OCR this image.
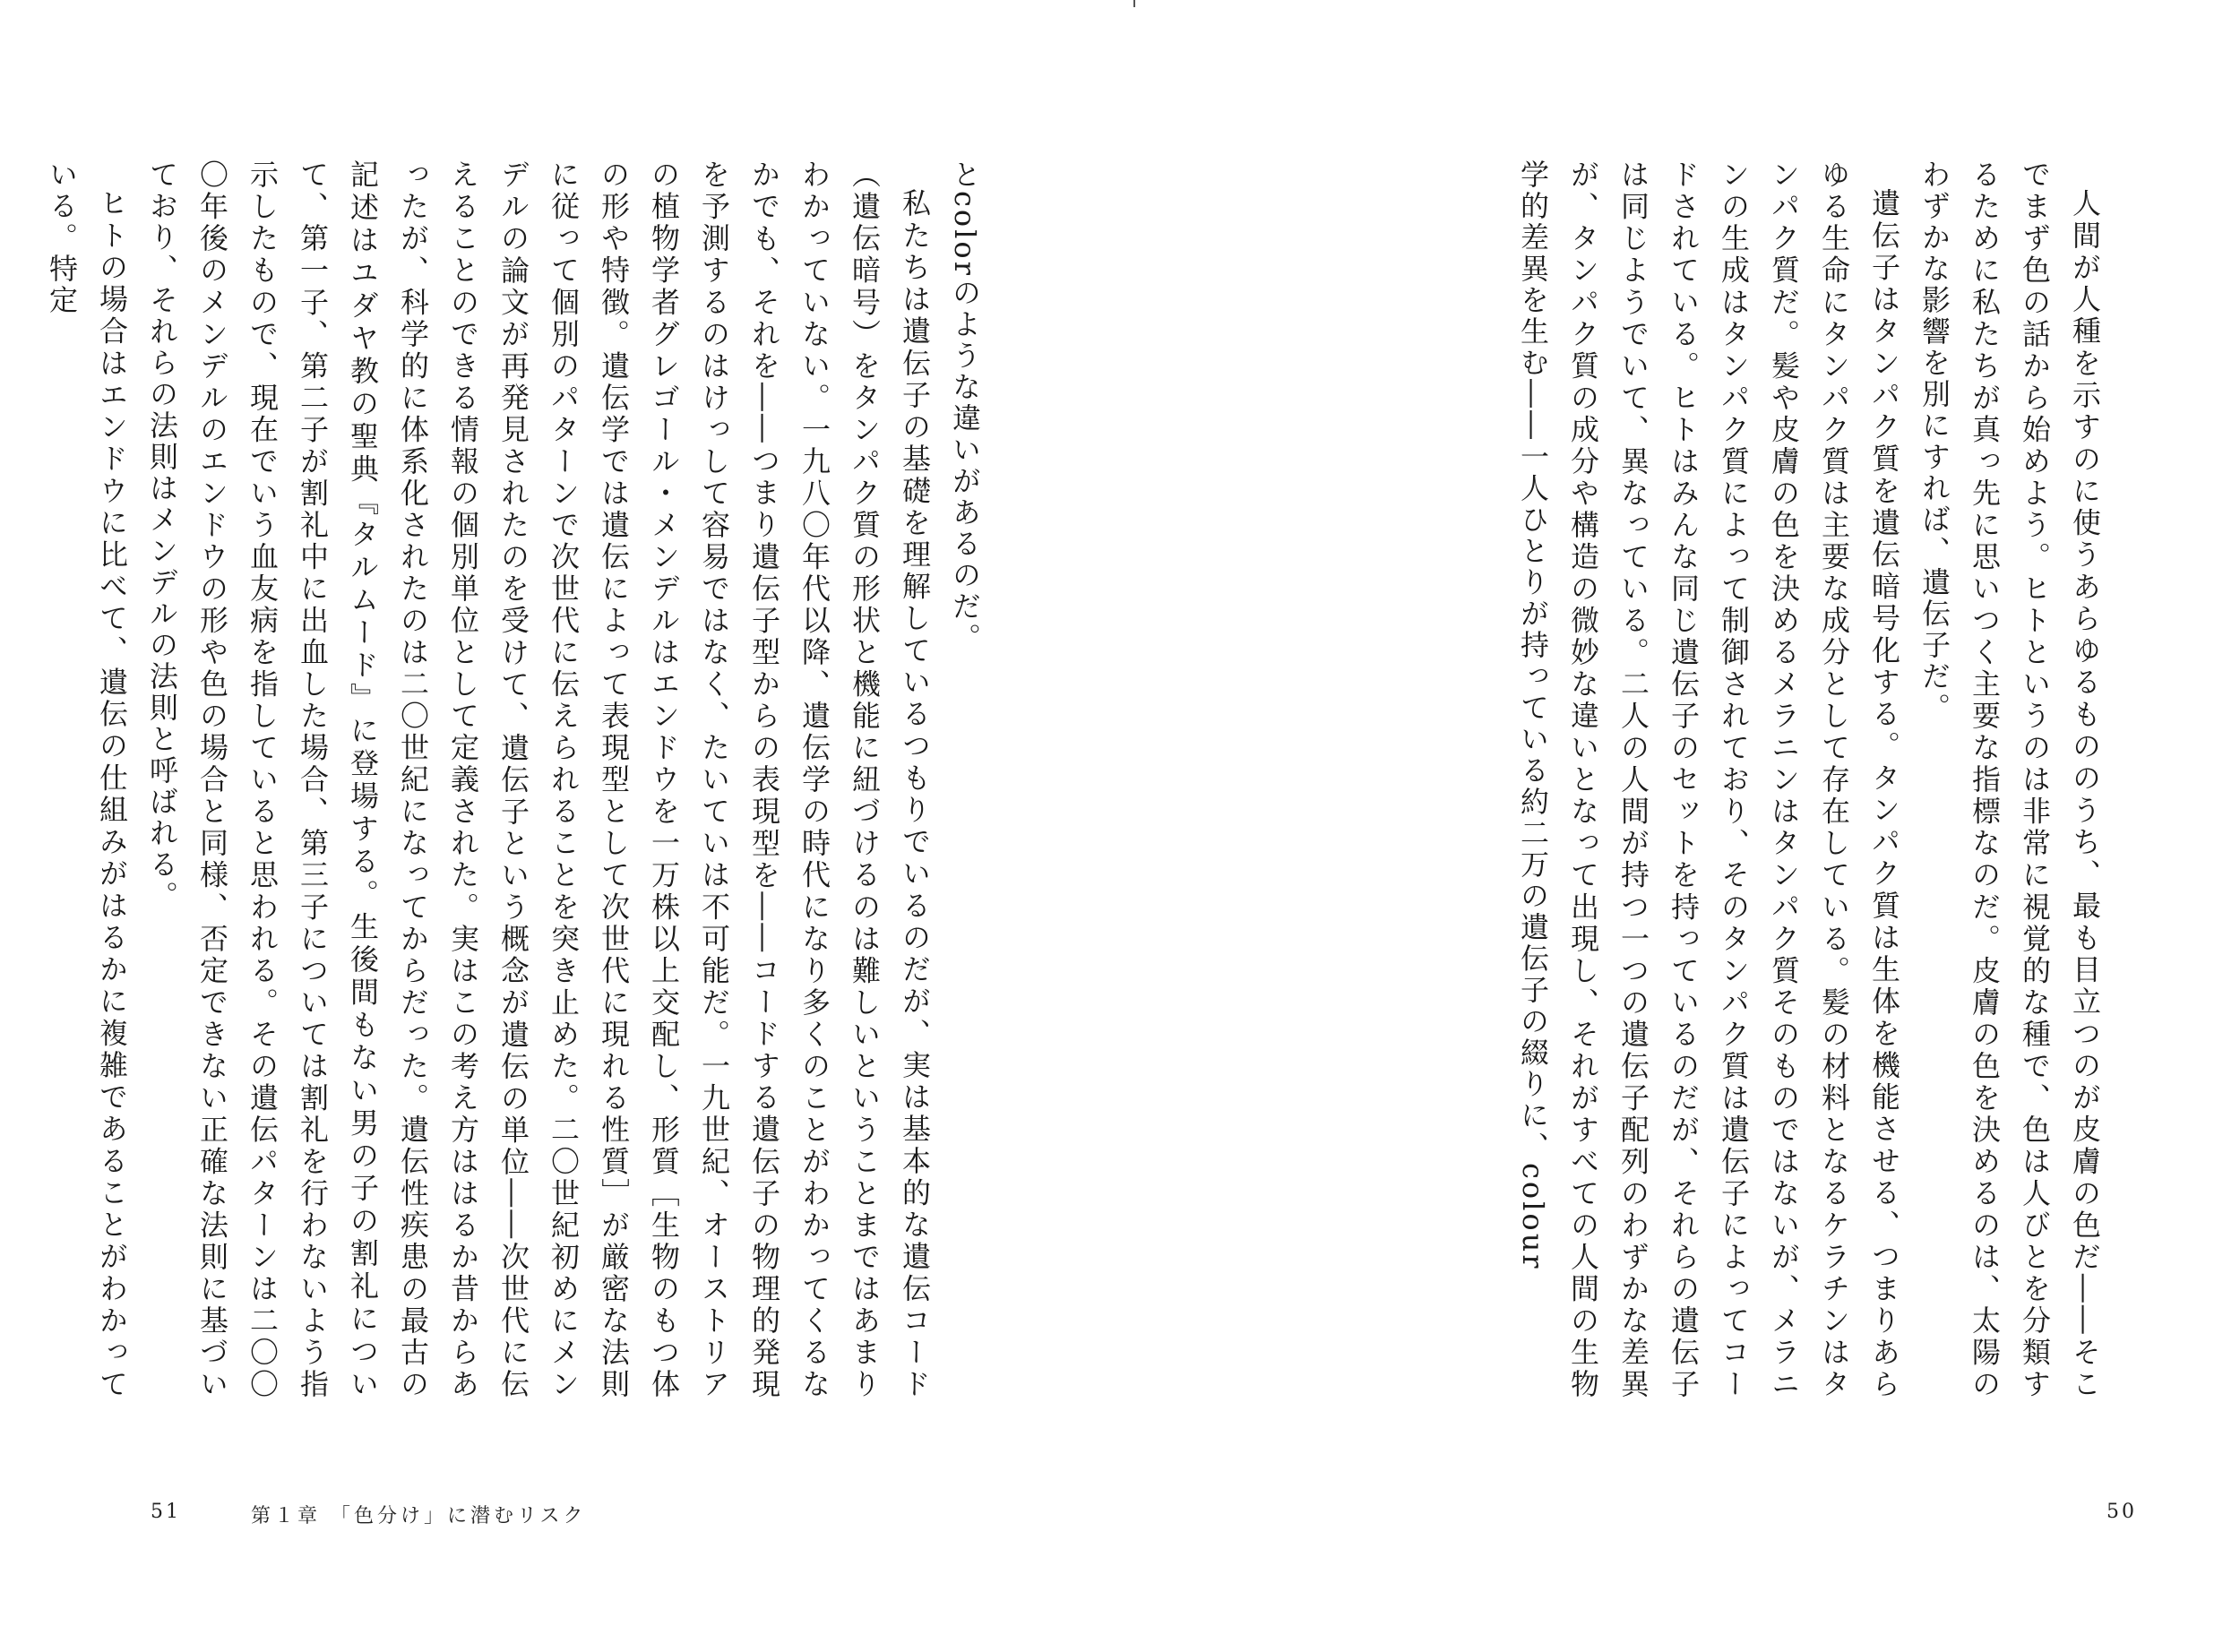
とcolorのような違いがあるのだ。

私たちは遺伝子の基礎を理解しているつもりでいるのだが、実は基本的な遺伝コード（遺伝暗号）をタンパク質の形状と機能に紐づけるのは難しいということまではあまりわかっていない。一九八〇年代以降、遺伝学の時代になり多くのことがわかってくるなかでも、それを――つまり遺伝子型からの表現型を――コードする遺伝子の物理的発現を予測するのはけっして容易ではなく、たいていは不可能だ。一九世紀、オーストリアの植物学者グレゴール・メンデルはエンドウを一万株以上交配し、形質［生物のもつ体の形や特徴。遺伝学では遺伝によって表現型として次世代に現れる性質］が厳密な法則に従って個別のパターンで次世代に伝えられることを突き止めた。二〇世紀初めにメンデルの論文が再発見されたのを受けて、遺伝子という概念が遺伝の単位――次世代に伝えることのできる情報の個別単位として定義された。実はこの考え方ははるか昔からあったが、科学的に体系化されたのは二〇世紀になってからだった。遺伝性疾患の最古の記述はユダヤ教の聖典『タルムード』に登場する。生後間もない男の子の割礼について、第一子、第二子が割礼中に出血した場合、第三子については割礼を行わないよう指示したもので、現在でいう血友病を指していると思われる。その遺伝パターンは二〇〇〇年後のメンデルのエンドウの形や色の場合と同様、否定できない正確な法則に基づいており、それらの法則はメンデルの法則と呼ばれる。

ヒトの場合はエンドウに比べて、遺伝の仕組みがはるかに複雑であることがわかっている。特定

51	第１章 「色分け」に潜むリスク

人間が人種を示すのに使うあらゆるもののうち、最も目立つのが皮膚の色だ――そこでまず色の話から始めよう。ヒトというのは非常に視覚的な種で、色は人びとを分類するために私たちが真っ先に思いつく主要な指標なのだ。皮膚の色を決めるのは、太陽のわずかな影響を別にすれば、遺伝子だ。

遺伝子はタンパク質を遺伝暗号化する。タンパク質は生体を機能させる、つまりあらゆる生命にタンパク質は主要な成分として存在している。髪の材料となるケラチンはタンパク質だ。髪や皮膚の色を決めるメラニンはタンパク質そのものではないが、メラニンの生成はタンパク質によって制御されており、そのタンパク質は遺伝子によってコードされている。ヒトはみんな同じ遺伝子のセットを持っているのだが、それらの遺伝子は同じようでいて、異なっている。二人の人間が持つ一つの遺伝子配列のわずかな差異が、タンパク質の成分や構造の微妙な違いとなって出現し、それがすべての人間の生物学的差異を生む――一人ひとりが持っている約二万の遺伝子の綴りに、colour

50
